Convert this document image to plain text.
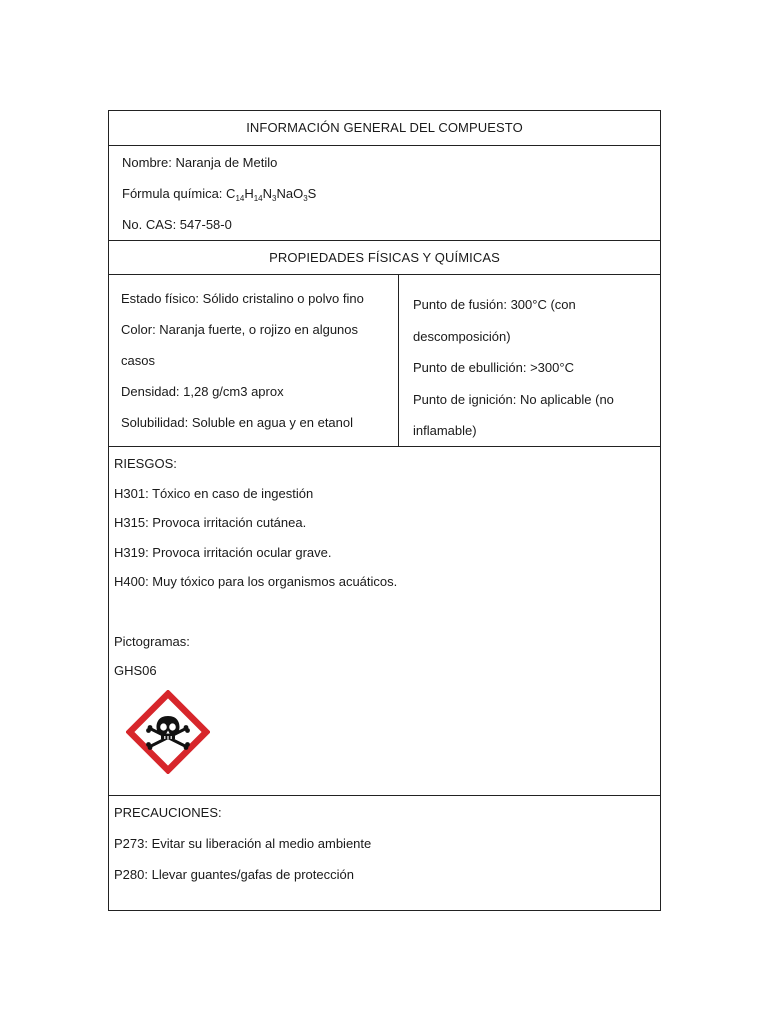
INFORMACIÓN GENERAL DEL COMPUESTO
Nombre: Naranja de Metilo
Fórmula química: $C_{14}H_{14}N_3NaO_3S$
No. CAS: 547-58-0
PROPIEDADES FÍSICAS Y QUÍMICAS
Estado físico: Sólido cristalino o polvo fino
Color: Naranja fuerte, o rojizo en algunos
casos
Densidad: 1,28 g/cm3 aprox
Solubilidad: Soluble en agua y en etanol
Punto de fusión: 300°C (con
descomposición)
Punto de ebullición: >300°C
Punto de ignición: No aplicable (no
inflamable)
RIESGOS:
H301: Tóxico en caso de ingestión
H315: Provoca irritación cutánea.
H319: Provoca irritación ocular grave.
H400: Muy tóxico para los organismos acuáticos.
Pictogramas:
GHS06
PRECAUCIONES:
P273: Evitar su liberación al medio ambiente
P280: Llevar guantes/gafas de protección
